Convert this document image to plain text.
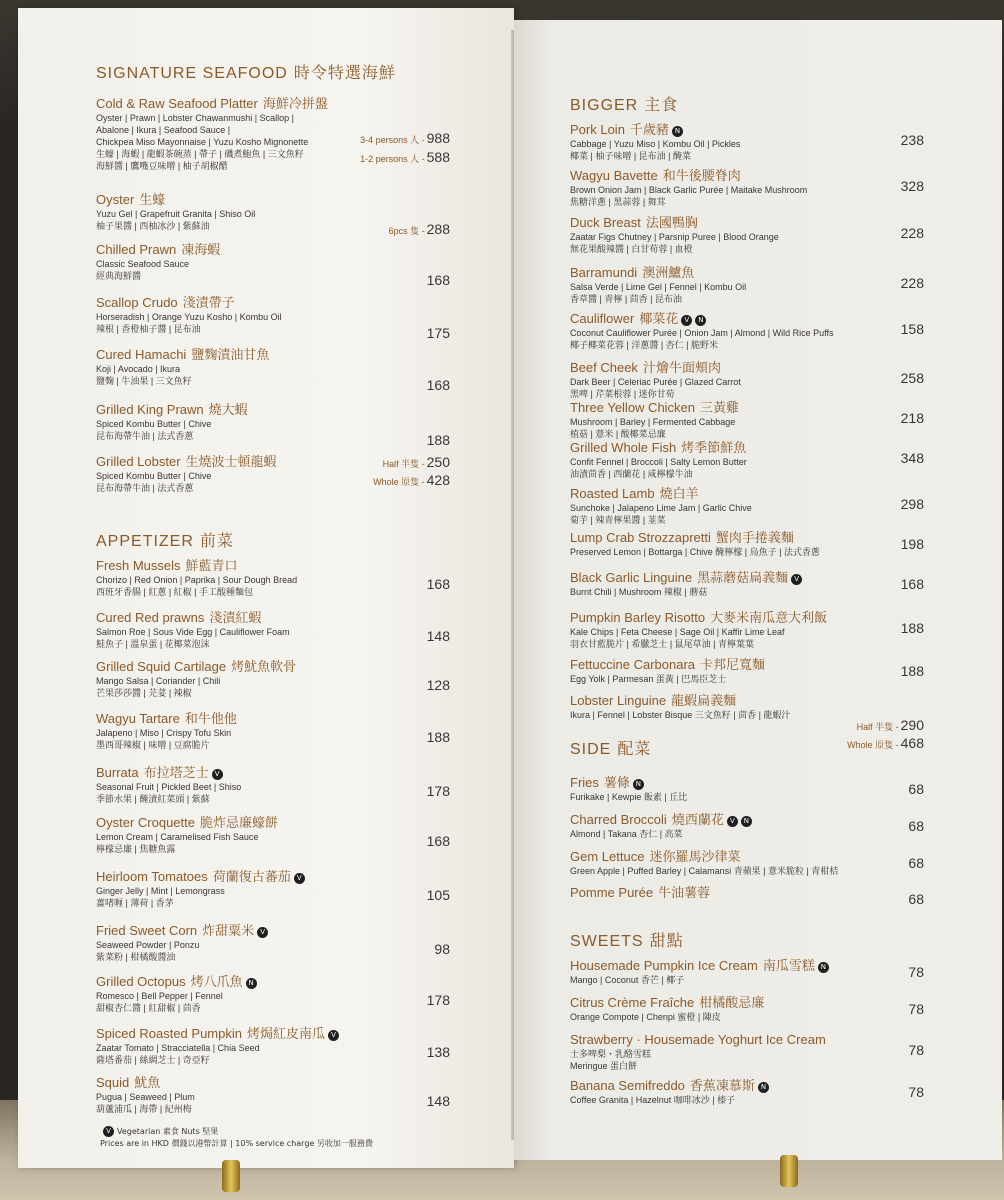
SIGNATURE SEAFOOD 時令特選海鮮
Cold & Raw Seafood Platter 海鮮冷拼盤
Oyster | Prawn | Lobster Chawanmushi | Scallop |
Abalone | Ikura | Seafood Sauce |
Chickpea Miso Mayonnaise | Yuzu Kosho Mignonette
生蠔 | 海蝦 | 龍蝦茶碗蒸 | 帶子 | 磯煮鮑魚 | 三文魚籽
海鮮醬 | 鷹嘴豆味噌 | 柚子胡椒醋
3-4 persons 人 - 988
1-2 persons 人 - 588
Oyster 生蠔
Yuzu Gel | Grapefruit Granita | Shiso Oil
柚子果醬 | 西柚冰沙 | 紫蘇油	6pcs 隻 - 288
Chilled Prawn 凍海蝦
Classic Seafood Sauce
經典海鮮醬	168
Scallop Crudo 淺漬帶子
Horseradish | Orange Yuzu Kosho | Kombu Oil
辣根 | 香橙柚子醬 | 昆布油	175
Cured Hamachi 鹽麴漬油甘魚
Koji | Avocado | Ikura
鹽麴 | 牛油果 | 三文魚籽	168
Grilled King Prawn 燒大蝦
Spiced Kombu Butter | Chive
昆布海帶牛油 | 法式香蔥	188
Grilled Lobster 生燒波士頓龍蝦
Spiced Kombu Butter | Chive
昆布海帶牛油 | 法式香蔥
Half 半隻 - 250
Whole 原隻 - 428
APPETIZER 前菜
Fresh Mussels 鮮藍青口
Chorizo | Red Onion | Paprika | Sour Dough Bread
西班牙香腸 | 紅蔥 | 紅椒 | 手工酸種麵包	168
Cured Red prawns 淺漬紅蝦
Salmon Roe | Sous Vide Egg | Cauliflower Foam
鮭魚子 | 溫泉蛋 | 花椰菜泡沫	148
Grilled Squid Cartilage 烤魷魚軟骨
Mango Salsa | Coriander | Chili
芒果莎莎醬 | 芫荽 | 辣椒	128
Wagyu Tartare 和牛他他
Jalapeno | Miso | Crispy Tofu Skin
墨西哥辣椒 | 味噌 | 豆腐脆片	188
Burrata 布拉塔芝士 V
Seasonal Fruit | Pickled Beet | Shiso
季節水果 | 醃漬紅菜頭 | 紫蘇	178
Oyster Croquette 脆炸忌廉蠔餅
Lemon Cream | Caramelised Fish Sauce
檸檬忌廉 | 焦糖魚露	168
Heirloom Tomatoes 荷蘭復古蕃茄 V
Ginger Jelly | Mint | Lemongrass
薑啫喱 | 薄荷 | 香茅	105
Fried Sweet Corn 炸甜粟米 V
Seaweed Powder | Ponzu
紫菜粉 | 柑橘酸醬油	98
Grilled Octopus 烤八爪魚 N
Romesco | Bell Pepper | Fennel
甜椒杏仁醬 | 紅甜椒 | 茴香	178
Spiced Roasted Pumpkin 烤焗紅皮南瓜 V
Zaatar Tomato | Stracciatella | Chia Seed
薩塔番茄 | 絲綢芝士 | 奇亞籽	138
Squid 魷魚
Pugua | Seaweed | Plum
葫蘆浦瓜 | 海帶 | 紀州梅	148
V Vegetarian 素食 Nuts 堅果
Prices are in HKD 價錢以港幣計算 | 10% service charge 另收加一服務費
BIGGER 主食
Pork Loin 千歲豬 N
Cabbage | Yuzu Miso | Kombu Oil | Pickles
椰菜 | 柚子味噌 | 昆布油 | 醃菜
238
Wagyu Bavette 和牛後腰脊肉
Brown Onion Jam | Black Garlic Purée | Maitake Mushroom
焦糖洋蔥 | 黑蒜蓉 | 舞茸
328
Duck Breast 法國鴨胸
Zaatar Figs Chutney | Parsnip Puree | Blood Orange
無花果酸辣醬 | 白甘荀蓉 | 血橙
228
Barramundi 澳洲鱸魚
Salsa Verde | Lime Gel | Fennel | Kombu Oil
香草醬 | 青檸 | 茴香 | 昆布油
228
Cauliflower 椰菜花 V N
Coconut Cauliflower Purée | Onion Jam | Almond | Wild Rice Puffs
椰子椰菜花蓉 | 洋蔥醬 | 杏仁 | 脆野米
158
Beef Cheek 汁燴牛面頰肉
Dark Beer | Celeriac Purée | Glazed Carrot
黑啤 | 芹菜根蓉 | 迷你甘荀
258
Three Yellow Chicken 三黃雞
Mushroom | Barley | Fermented Cabbage
植菇 | 薏米 | 酸椰菜忌廉
218
Grilled Whole Fish 烤季節鮮魚
Confit Fennel | Broccoli | Salty Lemon Butter
油漬茴香 | 西蘭花 | 咸檸檬牛油
348
Roasted Lamb 燒白羊
Sunchoke | Jalapeno Lime Jam | Garlic Chive
菊芋 | 辣青檸果醬 | 韮菜
298
Lump Crab Strozzapretti 蟹肉手捲義麵
Preserved Lemon | Bottarga | Chive 醃檸檬 | 烏魚子 | 法式香蔥	198
Black Garlic Linguine 黑蒜蘑菇扁義麵 V
Burnt Chili | Mushroom 辣椒 | 蘑菇	168
Pumpkin Barley Risotto 大麥米南瓜意大利飯
Kale Chips | Feta Cheese | Sage Oil | Kaffir Lime Leaf
羽衣甘藍脆片 | 希臘芝士 | 鼠尾草油 | 青檸葉葉
188
Fettuccine Carbonara 卡邦尼寬麵
Egg Yolk | Parmesan 蛋黃 | 巴馬臣芝士	188
Lobster Linguine 龍蝦扁義麵
Ikura | Fennel | Lobster Bisque 三文魚籽 | 茴香 | 龍蝦汁
Half 半隻 - 290
Whole 原隻 - 468
SIDE 配菜
Fries 薯條 N
Furikake | Kewpie 飯素 | 丘比	68
Charred Broccoli 燒西蘭花 V N
Almond | Takana 杏仁 | 高菜	68
Gem Lettuce 迷你羅馬沙律菜
Green Apple | Puffed Barley | Calamansi 青蘋果 | 薏米脆粒 | 青柑桔	68
Pomme Purée 牛油薯蓉	68
SWEETS 甜點
Housemade Pumpkin Ice Cream 南瓜雪糕 N
Mango | Coconut 香芒 | 椰子	78
Citrus Crème Fraîche 柑橘酸忌廉
Orange Compote | Chenpi 蜜橙 | 陳皮	78
Strawberry · Housemade Yoghurt Ice Cream
士多啤梨・乳酪雪糕
Meringue 蛋白餅
78
Banana Semifreddo 香蕉凍慕斯 N
Coffee Granita | Hazelnut 咖啡冰沙 | 榛子	78
